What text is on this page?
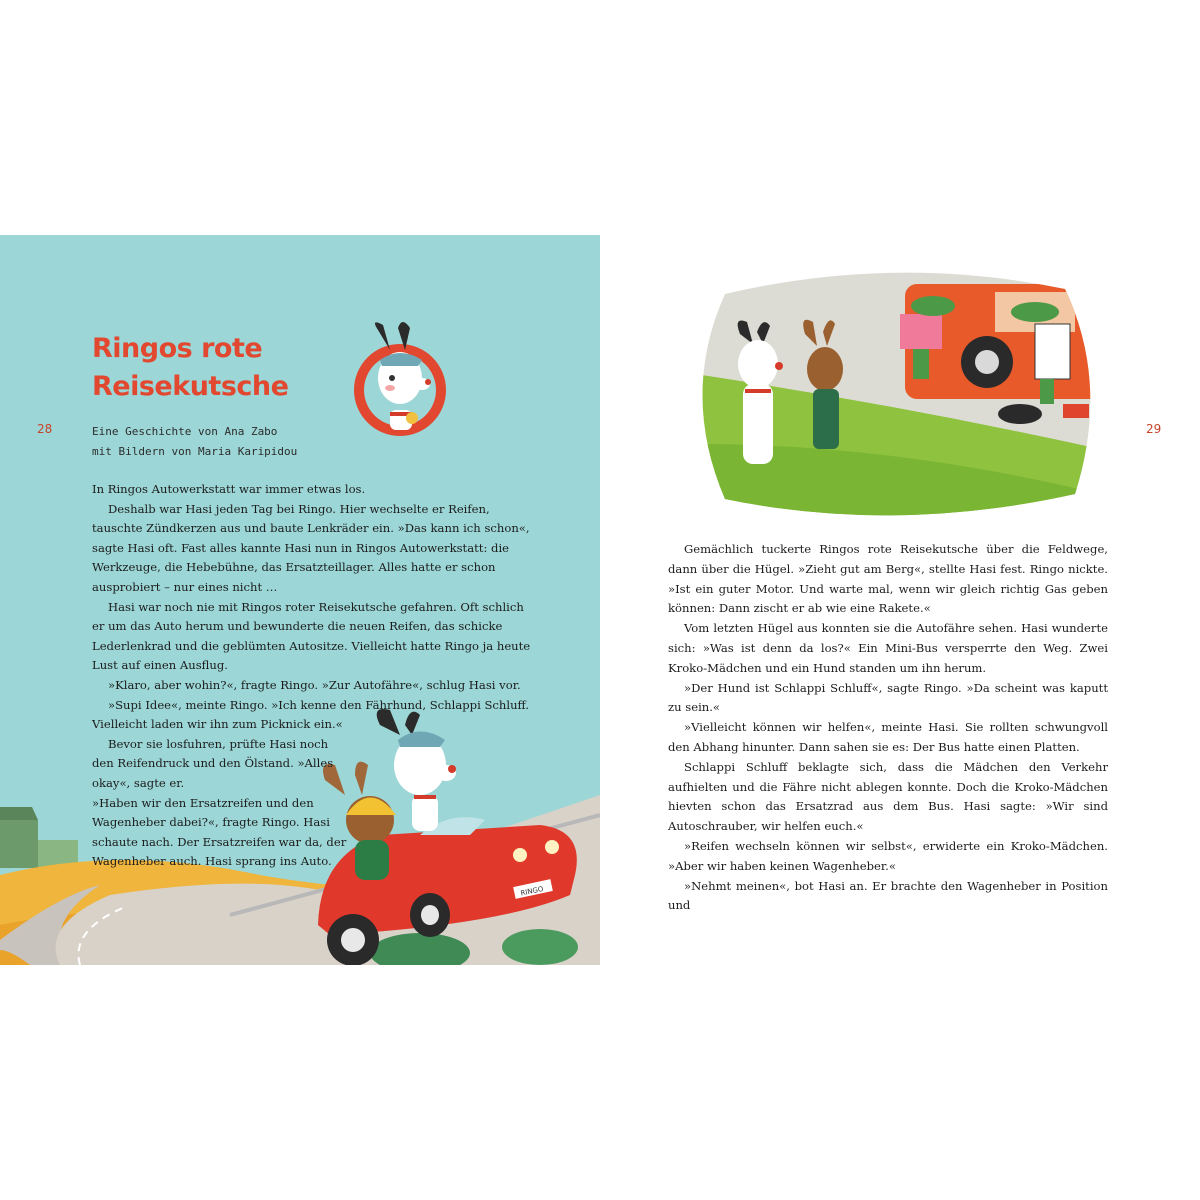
RINGO
Ringos rote
Reisekutsche

Eine Geschichte von Ana Zabo
mit Bildern von Maria Karipidou

28

In Ringos Autowerkstatt war immer etwas los.

Deshalb war Hasi jeden Tag bei Ringo. Hier wechselte er Reifen, tauschte Zündkerzen aus und baute Lenkräder ein. »Das kann ich schon«, sagte Hasi oft. Fast alles kannte Hasi nun in Ringos Autowerkstatt: die Werkzeuge, die Hebebühne, das Ersatzteillager. Alles hatte er schon ausprobiert – nur eines nicht …

Hasi war noch nie mit Ringos roter Reisekutsche gefahren. Oft schlich er um das Auto herum und bewunderte die neuen Reifen, das schicke Lederlenkrad und die geblümten Autositze. Vielleicht hatte Ringo ja heute Lust auf einen Ausflug.

»Klaro, aber wohin?«, fragte Ringo. »Zur Autofähre«, schlug Hasi vor.

»Supi Idee«, meinte Ringo. »Ich kenne den Fährhund, Schlappi Schluff. Vielleicht laden wir ihn zum Picknick ein.«

Bevor sie losfuhren, prüfte Hasi noch den Reifendruck und den Ölstand. »Alles okay«, sagte er.

»Haben wir den Ersatzreifen und den Wagenheber dabei?«, fragte Ringo. Hasi schaute nach. Der Ersatzreifen war da, der Wagenheber auch. Hasi sprang ins Auto.

29

Gemächlich tuckerte Ringos rote Reisekutsche über die Feldwege, dann über die Hügel. »Zieht gut am Berg«, stellte Hasi fest. Ringo nickte. »Ist ein guter Motor. Und warte mal, wenn wir gleich richtig Gas geben können: Dann zischt er ab wie eine Rakete.«

Vom letzten Hügel aus konnten sie die Autofähre sehen. Hasi wunderte sich: »Was ist denn da los?« Ein Mini-Bus versperrte den Weg. Zwei Kroko-Mädchen und ein Hund standen um ihn herum.

»Der Hund ist Schlappi Schluff«, sagte Ringo. »Da scheint was kaputt zu sein.«

»Vielleicht können wir helfen«, meinte Hasi. Sie rollten schwungvoll den Abhang hinunter. Dann sahen sie es: Der Bus hatte einen Platten.

Schlappi Schluff beklagte sich, dass die Mädchen den Verkehr aufhielten und die Fähre nicht ablegen konnte. Doch die Kroko-Mädchen hievten schon das Ersatzrad aus dem Bus. Hasi sagte: »Wir sind Autoschrauber, wir helfen euch.«

»Reifen wechseln können wir selbst«, erwiderte ein Kroko-Mädchen. »Aber wir haben keinen Wagenheber.«

»Nehmt meinen«, bot Hasi an. Er brachte den Wagenheber in Position und
